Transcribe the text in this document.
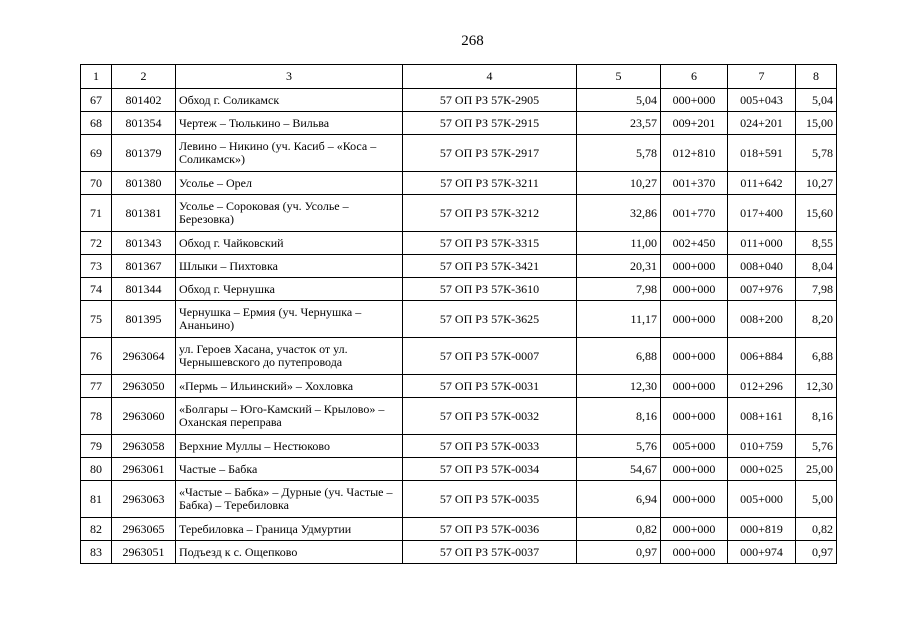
268
1	2	3	4	5	6	7	8
67	801402	Обход г. Соликамск	57 ОП РЗ 57К-2905	5,04	000+000	005+043	5,04
68	801354	Чертеж – Тюлькино – Вильва	57 ОП РЗ 57К-2915	23,57	009+201	024+201	15,00
69	801379	Левино – Никино (уч. Касиб – «Коса – Соликамск»)	57 ОП РЗ 57К-2917	5,78	012+810	018+591	5,78
70	801380	Усолье – Орел	57 ОП РЗ 57К-3211	10,27	001+370	011+642	10,27
71	801381	Усолье – Сороковая (уч. Усолье – Березовка)	57 ОП РЗ 57К-3212	32,86	001+770	017+400	15,60
72	801343	Обход г. Чайковский	57 ОП РЗ 57К-3315	11,00	002+450	011+000	8,55
73	801367	Шлыки – Пихтовка	57 ОП РЗ 57К-3421	20,31	000+000	008+040	8,04
74	801344	Обход г. Чернушка	57 ОП РЗ 57К-3610	7,98	000+000	007+976	7,98
75	801395	Чернушка – Ермия (уч. Чернушка – Ананьино)	57 ОП РЗ 57К-3625	11,17	000+000	008+200	8,20
76	2963064	ул. Героев Хасана, участок от ул. Чернышевского до путепровода	57 ОП РЗ 57К-0007	6,88	000+000	006+884	6,88
77	2963050	«Пермь – Ильинский» – Хохловка	57 ОП РЗ 57К-0031	12,30	000+000	012+296	12,30
78	2963060	«Болгары – Юго-Камский – Крылово» – Оханская переправа	57 ОП РЗ 57К-0032	8,16	000+000	008+161	8,16
79	2963058	Верхние Муллы – Нестюково	57 ОП РЗ 57К-0033	5,76	005+000	010+759	5,76
80	2963061	Частые – Бабка	57 ОП РЗ 57К-0034	54,67	000+000	000+025	25,00
81	2963063	«Частые – Бабка» – Дурные (уч. Частые – Бабка) – Теребиловка	57 ОП РЗ 57К-0035	6,94	000+000	005+000	5,00
82	2963065	Теребиловка – Граница Удмуртии	57 ОП РЗ 57К-0036	0,82	000+000	000+819	0,82
83	2963051	Подъезд к с. Ощепково	57 ОП РЗ 57К-0037	0,97	000+000	000+974	0,97
